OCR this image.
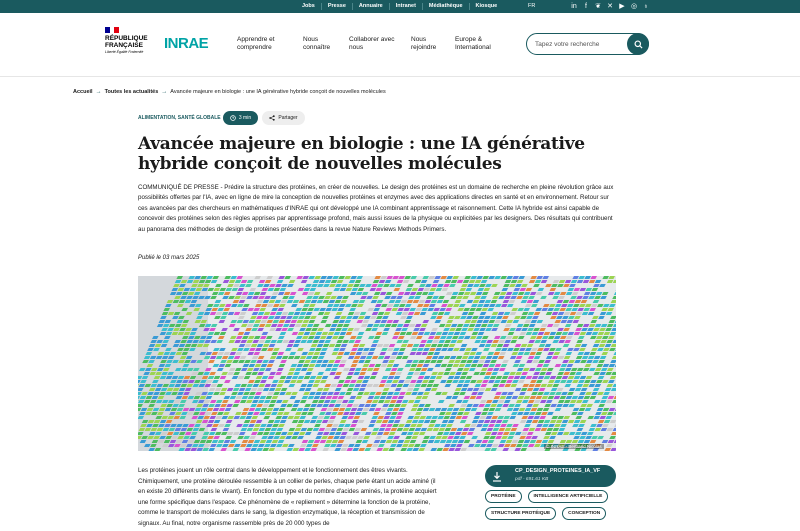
Jobs	Presse	Annuaire	Intranet	Médiathèque	Kiosque	FR	in	f	❦ ✕ ▶ ◎ ♁
RÉPUBLIQUE FRANÇAISE
Liberté Égalité Fraternité	INRAE	Apprendre et comprendre
Nous connaître
Collaborer avec nous
Nous rejoindre
Europe & International
Tapez votre recherche
Accueil → Toutes les actualités → Avancée majeure en biologie : une IA générative hybride conçoit de nouvelles molécules
ALIMENTATION, SANTÉ GLOBALE	3 min	Partager
Avancée majeure en biologie : une IA générative hybride conçoit de nouvelles molécules

COMMUNIQUÉ DE PRESSE - Prédire la structure des protéines, en créer de nouvelles. Le design des protéines est un domaine de recherche en pleine révolution grâce aux possibilités offertes par l'IA, avec en ligne de mire la conception de nouvelles protéines et enzymes avec des applications directes en santé et en environnement. Retour sur ces avancées par des chercheurs en mathématiques d'INRAE qui ont développé une IA combinant apprentissage et raisonnement. Cette IA hybride est ainsi capable de concevoir des protéines selon des règles apprises par apprentissage profond, mais aussi issues de la physique ou explicitées par les designers. Des résultats qui contribuent au panorama des méthodes de design de protéines présentées dans la revue Nature Reviews Methods Primers.

Publié le 03 mars 2025
© INRAE - Bertrand Nicolas

Les protéines jouent un rôle central dans le développement et le fonctionnement des êtres vivants. Chimiquement, une protéine déroulée ressemble à un collier de perles, chaque perle étant un acide aminé (il en existe 20 différents dans le vivant). En fonction du type et du nombre d'acides aminés, la protéine acquiert une forme spécifique dans l'espace. Ce phénomène de « repliement » détermine la fonction de la protéine, comme le transport de molécules dans le sang, la digestion enzymatique, la réception et transmission de signaux. Au final, notre organisme rassemble près de 20 000 types de

CP_DESIGN_PROTEINES_IA_VF
pdf - 691.61 KB
PROTÉINE	INTELLIGENCE ARTIFICIELLE
STRUCTURE PROTÉIQUE	CONCEPTION
